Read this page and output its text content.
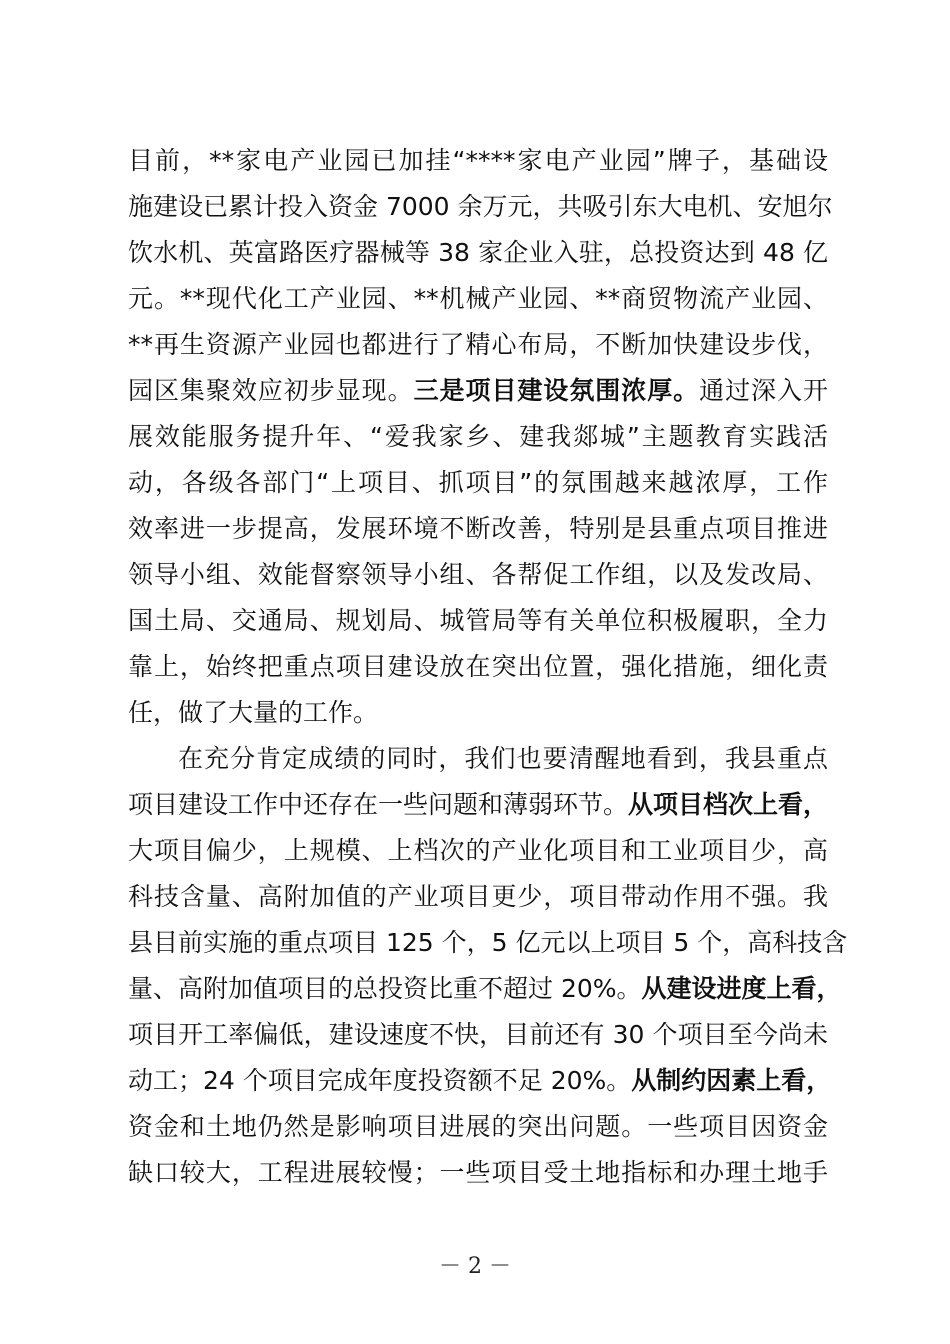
目前，**家电产业园已加挂“****家电产业园”牌子，基础设
施建设已累计投入资金 7000 余万元，共吸引东大电机、安旭尔
饮水机、英富路医疗器械等 38 家企业入驻，总投资达到 48 亿
元。**现代化工产业园、**机械产业园、**商贸物流产业园、
**再生资源产业园也都进行了精心布局，不断加快建设步伐，
园区集聚效应初步显现。三是项目建设氛围浓厚。通过深入开
展效能服务提升年、“爱我家乡、建我郯城”主题教育实践活
动，各级各部门“上项目、抓项目”的氛围越来越浓厚，工作
效率进一步提高，发展环境不断改善，特别是县重点项目推进
领导小组、效能督察领导小组、各帮促工作组，以及发改局、
国土局、交通局、规划局、城管局等有关单位积极履职，全力
靠上，始终把重点项目建设放在突出位置，强化措施，细化责
任，做了大量的工作。
在充分肯定成绩的同时，我们也要清醒地看到，我县重点
项目建设工作中还存在一些问题和薄弱环节。从项目档次上看，
大项目偏少，上规模、上档次的产业化项目和工业项目少，高
科技含量、高附加值的产业项目更少，项目带动作用不强。我
县目前实施的重点项目 125 个，5 亿元以上项目 5 个，高科技含
量、高附加值项目的总投资比重不超过 20%。从建设进度上看，
项目开工率偏低，建设速度不快，目前还有 30 个项目至今尚未
动工；24 个项目完成年度投资额不足 20%。从制约因素上看，
资金和土地仍然是影响项目进展的突出问题。一些项目因资金
缺口较大，工程进展较慢；一些项目受土地指标和办理土地手
－ 2 －
